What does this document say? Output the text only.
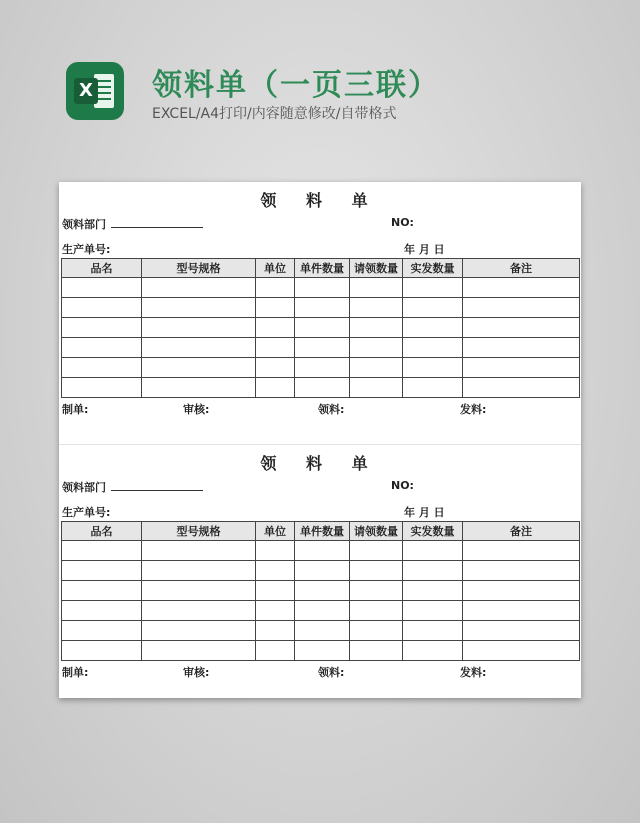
X 领料单（一页三联）
EXCEL/A4打印/内容随意修改/自带格式
领 料 单
领料部门	NO:
生产单号:	年 月 日
品名	型号规格	单位	单件数量	请领数量	实发数量	备注

制单:	审核:	领料:	发料:
领 料 单
领料部门	NO:
生产单号:	年 月 日
品名	型号规格	单位	单件数量	请领数量	实发数量	备注

制单:	审核:	领料:	发料:
